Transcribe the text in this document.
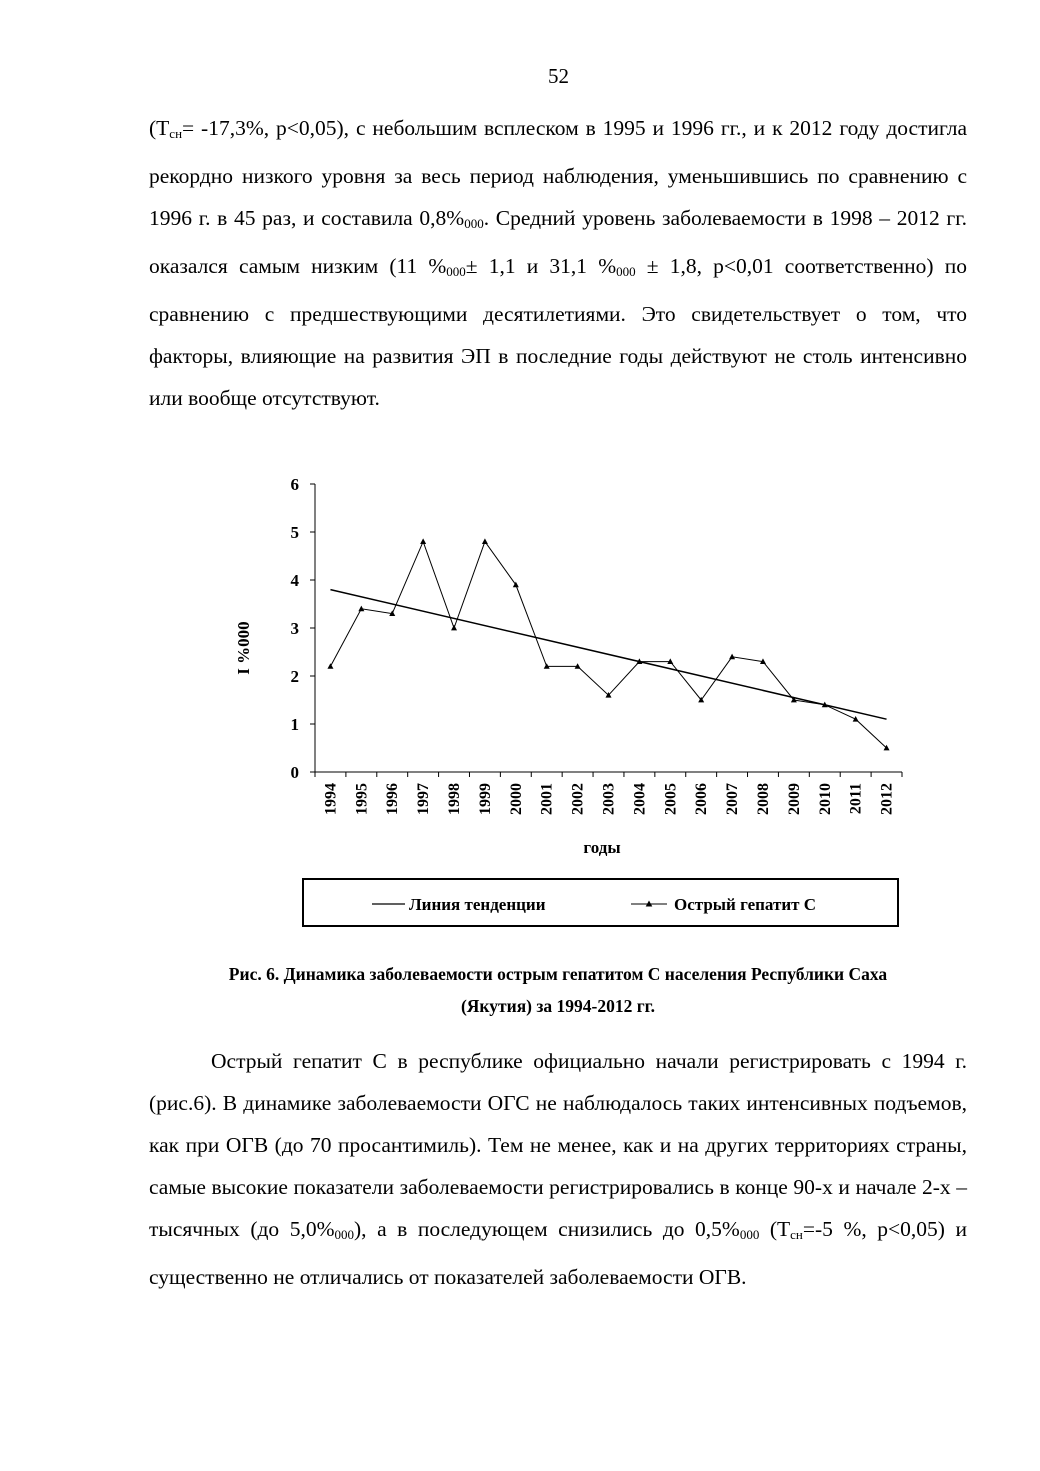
52
($T_{сн}= -17,3\%$, р<0,05), с небольшим всплеском в 1995 и 1996 гг., и к 2012 году достигла рекордно низкого уровня за весь период наблюдения, уменьшившись по сравнению с 1996 г. в 45 раз, и составила $0,8\%_{000}$. Средний уровень заболеваемости в 1998 – 2012 гг. оказался самым низким (11 $\%_{000}\pm 1,1$ и 31,1 $\%_{000} \pm 1,8$, р<0,01 соответственно) по сравнению с предшествующими десятилетиями. Это свидетельствует о том, что факторы, влияющие на развития ЭП в последние годы действуют не столь интенсивно или вообще отсутствуют.
0
1
2
3
4
5
6
1994 1995 1996 1997 1998 1999 2000 2001 2002 2003 2004 2005 2006 2007 2008 2009 2010 2011 2012
I %000
годы
Линия тенденции	Острый гепатит С
Рис. 6. Динамика заболеваемости острым гепатитом С населения Республики Саха
(Якутия) за 1994-2012 гг.
Острый гепатит С в республике официально начали регистрировать с 1994 г. (рис.6). В динамике заболеваемости ОГС не наблюдалось таких интенсивных подъемов, как при ОГВ (до 70 просантимиль). Тем не менее, как и на других территориях страны, самые высокие показатели заболеваемости регистрировались в конце 90-х и начале 2-х – тысячных (до $5,0\%_{000}$), а в последующем снизились до $0,5\%_{000}$ ($Т_{сн}=-5$ %, р<0,05) и существенно не отличались от показателей заболеваемости ОГВ.
